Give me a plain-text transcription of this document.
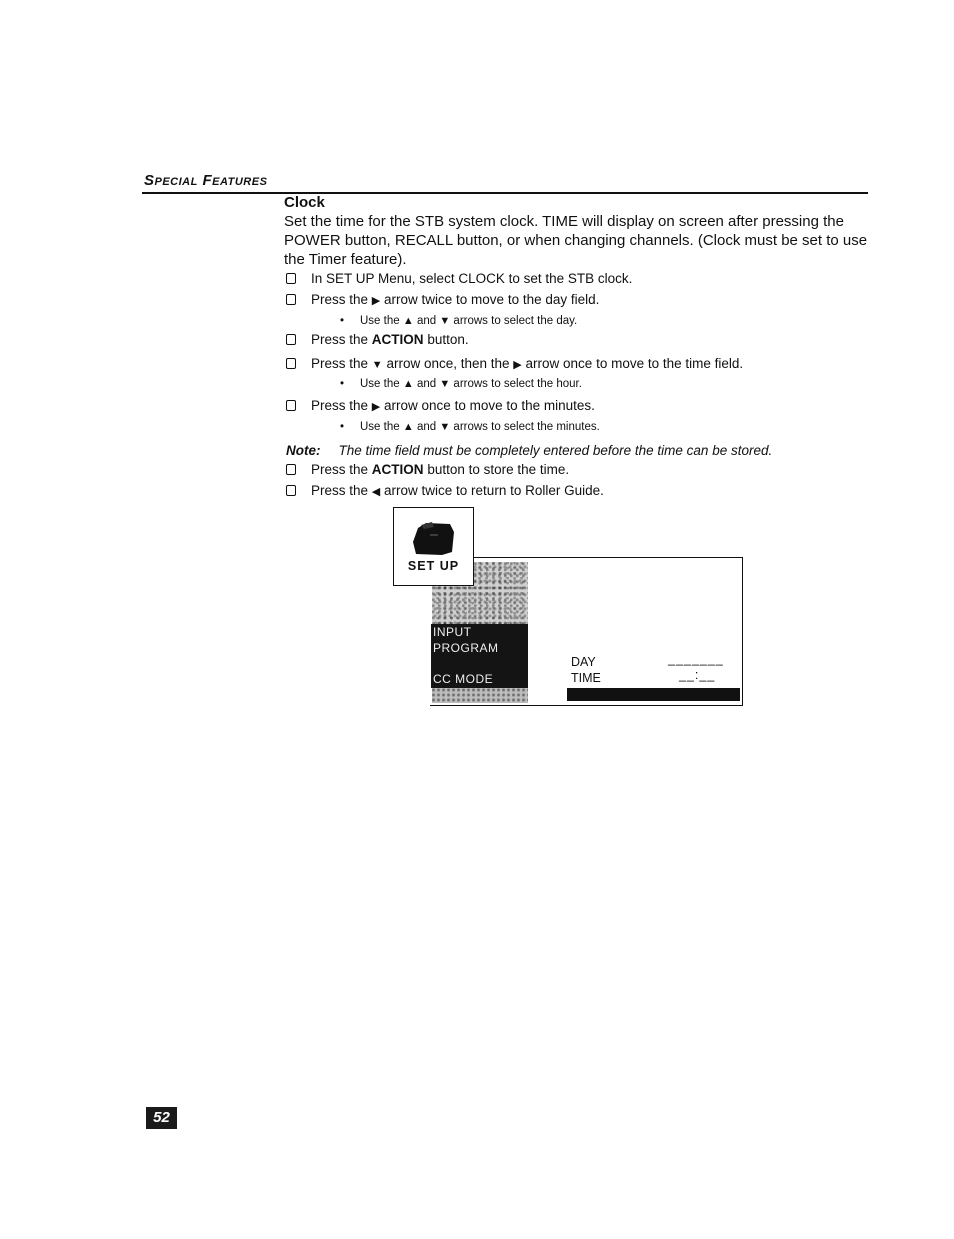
Special Features
Clock
Set the time for the STB system clock. TIME will display on screen after pressing the POWER button, RECALL button, or when changing channels. (Clock must be set to use the Timer feature).
In SET UP Menu, select CLOCK to set the STB clock.
Press the ▶ arrow twice to move to the day field.
• Use the ▲ and ▼ arrows to select the day.
Press the ACTION button.
Press the ▼ arrow once, then the ▶ arrow once to move to the time field.
• Use the ▲ and ▼ arrows to select the hour.
Press the ▶ arrow once to move to the minutes.
• Use the ▲ and ▼ arrows to select the minutes.
Note: The time field must be completely entered before the time can be stored.
Press the ACTION button to store the time.
Press the ◀ arrow twice to return to Roller Guide.
INPUT
PROGRAM
CC MODE
DAY	_______
TIME	__:__
SET UP
52
